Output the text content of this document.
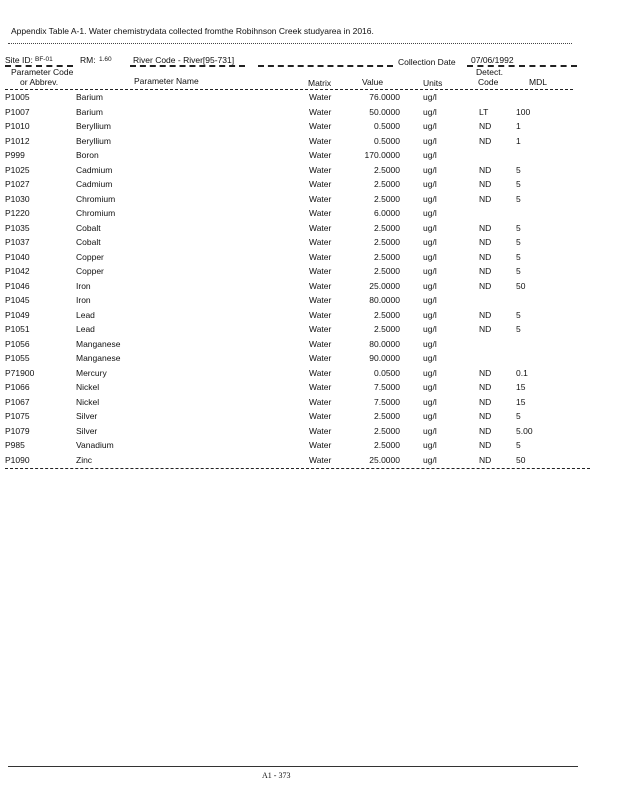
Appendix Table A-1. Water chemistrydata collected fromthe Robihnson Creek studyarea in 2016.
Site ID: BF-01	RM: 1.60	River Code - River[95-731]	Collection Date 07/06/1992
Parameter Code
or Abbrev.	Parameter Name	Matrix	Value	Units
Detect.
Code	MDL
P1005	Barium	Water	76.0000	ug/l
P1007	Barium	Water	50.0000	ug/l	LT	100
P1010	Beryllium	Water	0.5000	ug/l	ND	1
P1012	Beryllium	Water	0.5000	ug/l	ND	1
P999	Boron	Water	170.0000	ug/l
P1025	Cadmium	Water	2.5000	ug/l	ND	5
P1027	Cadmium	Water	2.5000	ug/l	ND	5
P1030	Chromium	Water	2.5000	ug/l	ND	5
P1220	Chromium	Water	6.0000	ug/l
P1035	Cobalt	Water	2.5000	ug/l	ND	5
P1037	Cobalt	Water	2.5000	ug/l	ND	5
P1040	Copper	Water	2.5000	ug/l	ND	5
P1042	Copper	Water	2.5000	ug/l	ND	5
P1046	Iron	Water	25.0000	ug/l	ND	50
P1045	Iron	Water	80.0000	ug/l
P1049	Lead	Water	2.5000	ug/l	ND	5
P1051	Lead	Water	2.5000	ug/l	ND	5
P1056	Manganese	Water	80.0000	ug/l
P1055	Manganese	Water	90.0000	ug/l
P71900	Mercury	Water	0.0500	ug/l	ND	0.1
P1066	Nickel	Water	7.5000	ug/l	ND	15
P1067	Nickel	Water	7.5000	ug/l	ND	15
P1075	Silver	Water	2.5000	ug/l	ND	5
P1079	Silver	Water	2.5000	ug/l	ND	5.00
P985	Vanadium	Water	2.5000	ug/l	ND	5
P1090	Zinc	Water	25.0000	ug/l	ND	50
A1 - 373
